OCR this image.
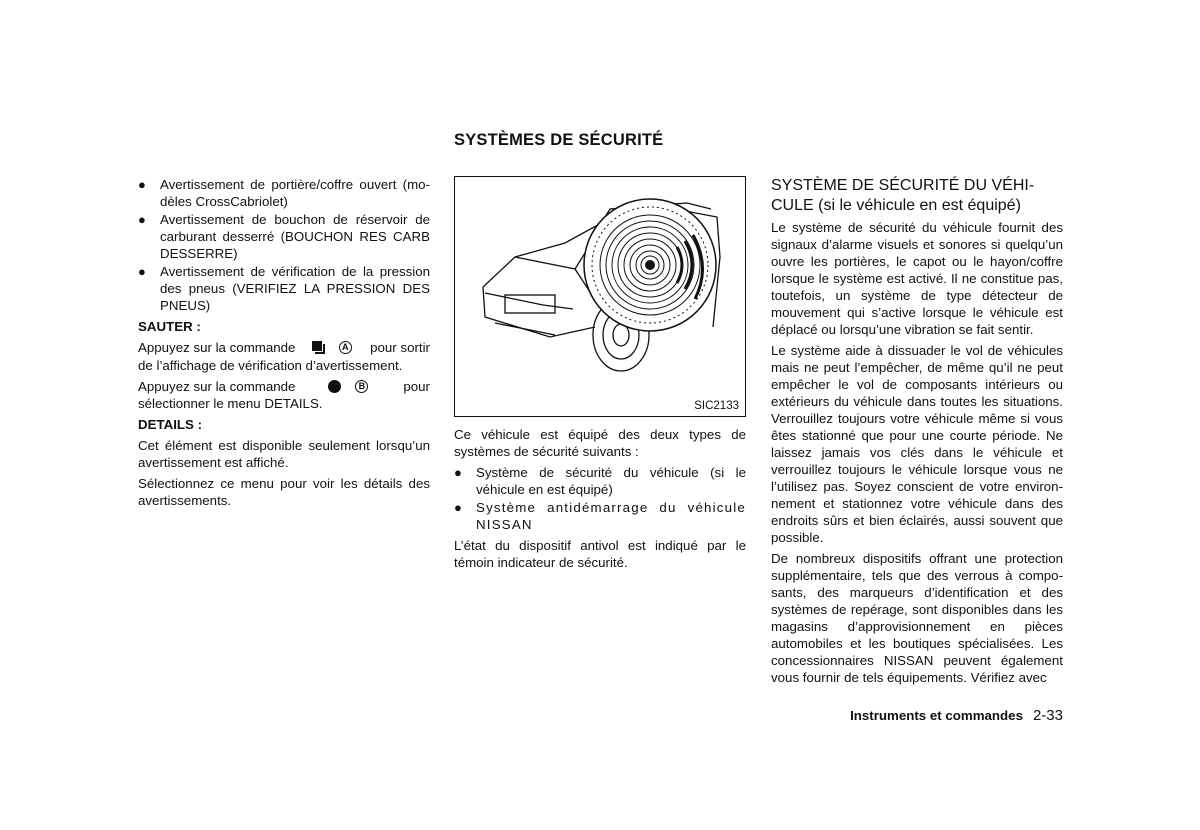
SYSTÈMES DE SÉCURITÉ
● Avertissement de portière/coffre ouvert (mo-dèles CrossCabriolet)
● Avertissement de bouchon de réservoir de carburant desserré (BOUCHON RES CARB DESSERRE)
● Avertissement de vérification de la pression des pneus (VERIFIEZ LA PRESSION DES PNEUS)
SAUTER :

Appuyez sur la commande	A pour sortir

de l’affichage de vérification d’avertissement.

Appuyez sur la commande	B	pour

sélectionner le menu DETAILS.

DETAILS :

Cet élément est disponible seulement lorsqu’un avertissement est affiché.

Sélectionnez ce menu pour voir les détails des avertissements.

SIC2133

Ce véhicule est équipé des deux types de systèmes de sécurité suivants :

● Système de sécurité du véhicule (si le véhicule en est équipé)
● Système antidémarrage du véhicule NISSAN

L’état du dispositif antivol est indiqué par le témoin indicateur de sécurité.

SYSTÈME DE SÉCURITÉ DU VÉHI-
CULE (si le véhicule en est équipé)

Le système de sécurité du véhicule fournit des signaux d’alarme visuels et sonores si quelqu’un ouvre les portières, le capot ou le hayon/coffre lorsque le système est activé. Il ne constitue pas, toutefois, un système de type détecteur de mouvement qui s’active lorsque le véhicule est déplacé ou lorsqu’une vibration se fait sentir.

Le système aide à dissuader le vol de véhicules mais ne peut l’empêcher, de même qu’il ne peut empêcher le vol de composants intérieurs ou extérieurs du véhicule dans toutes les situations. Verrouillez toujours votre véhicule même si vous êtes stationné que pour une courte période. Ne laissez jamais vos clés dans le véhicule et verrouillez toujours le véhicule lorsque vous ne l’utilisez pas. Soyez conscient de votre environ-nement et stationnez votre véhicule dans des endroits sûrs et bien éclairés, aussi souvent que possible.

De nombreux dispositifs offrant une protection supplémentaire, tels que des verrous à compo-sants, des marqueurs d’identification et des systèmes de repérage, sont disponibles dans les magasins d’approvisionnement en pièces automobiles et les boutiques spécialisées. Les concessionnaires NISSAN peuvent également vous fournir de tels équipements. Vérifiez avec

Instruments et commandes 2-33
